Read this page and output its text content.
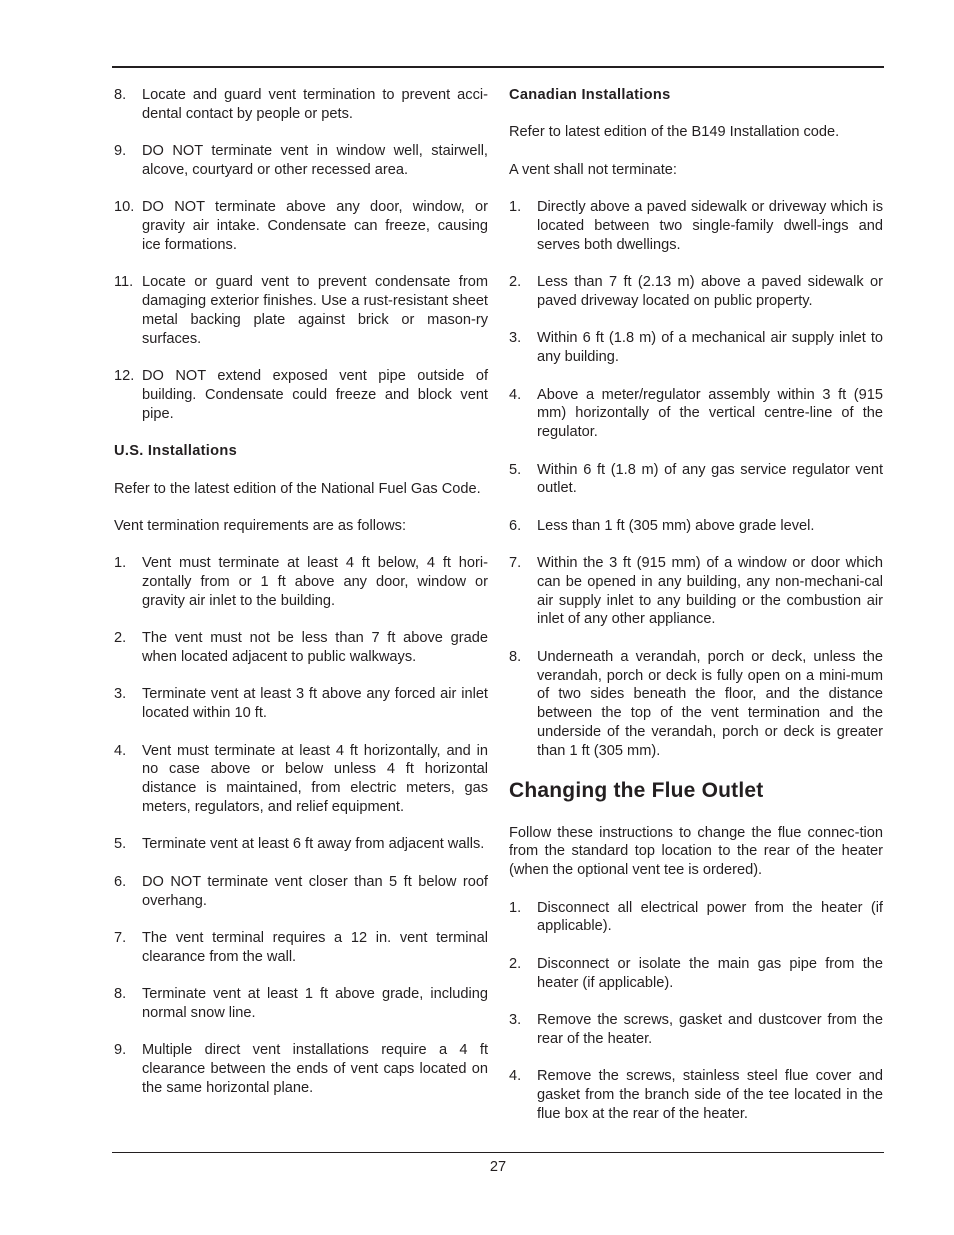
8.	Locate and guard vent termination to prevent acci-dental contact by people or pets.
9.	DO NOT terminate vent in window well, stairwell, alcove, courtyard or other recessed area.
10. DO NOT terminate above any door, window, or gravity air intake. Condensate can freeze, causing ice formations.
11. Locate or guard vent to prevent condensate from damaging exterior finishes. Use a rust-resistant sheet metal backing plate against brick or mason-ry surfaces.
12. DO NOT extend exposed vent pipe outside of building. Condensate could freeze and block vent pipe.
U.S. Installations
Refer to the latest edition of the National Fuel Gas Code.
Vent termination requirements are as follows:
1.	Vent must terminate at least 4 ft below, 4 ft hori-zontally from or 1 ft above any door, window or gravity air inlet to the building.
2.	The vent must not be less than 7 ft above grade when located adjacent to public walkways.
3.	Terminate vent at least 3 ft above any forced air inlet located within 10 ft.
4.	Vent must terminate at least 4 ft horizontally, and in no case above or below unless 4 ft horizontal distance is maintained, from electric meters, gas meters, regulators, and relief equipment.
5.	Terminate vent at least 6 ft away from adjacent walls.
6.	DO NOT terminate vent closer than 5 ft below roof overhang.
7.	The vent terminal requires a 12 in. vent terminal clearance from the wall.
8.	Terminate vent at least 1 ft above grade, including normal snow line.
9.	Multiple direct vent installations require a 4 ft clearance between the ends of vent caps located on the same horizontal plane.
Canadian Installations
Refer to latest edition of the B149 Installation code.
A vent shall not terminate:
1.	Directly above a paved sidewalk or driveway which is located between two single-family dwell-ings and serves both dwellings.
2.	Less than 7 ft (2.13 m) above a paved sidewalk or paved driveway located on public property.
3.	Within 6 ft (1.8 m) of a mechanical air supply inlet to any building.
4.	Above a meter/regulator assembly within 3 ft (915 mm) horizontally of the vertical centre-line of the regulator.
5.	Within 6 ft (1.8 m) of any gas service regulator vent outlet.
6.	Less than 1 ft (305 mm) above grade level.
7.	Within the 3 ft (915 mm) of a window or door which can be opened in any building, any non-mechani-cal air supply inlet to any building or the combustion air inlet of any other appliance.
8.	Underneath a verandah, porch or deck, unless the verandah, porch or deck is fully open on a mini-mum of two sides beneath the floor, and the distance between the top of the vent termination and the underside of the verandah, porch or deck is greater than 1 ft (305 mm).
Changing the Flue Outlet
Follow these instructions to change the flue connec-tion from the standard top location to the rear of the heater (when the optional vent tee is ordered).
1.	Disconnect all electrical power from the heater (if applicable).
2.	Disconnect or isolate the main gas pipe from the heater (if applicable).
3.	Remove the screws, gasket and dustcover from the rear of the heater.
4.	Remove the screws, stainless steel flue cover and gasket from the branch side of the tee located in the flue box at the rear of the heater.
27
